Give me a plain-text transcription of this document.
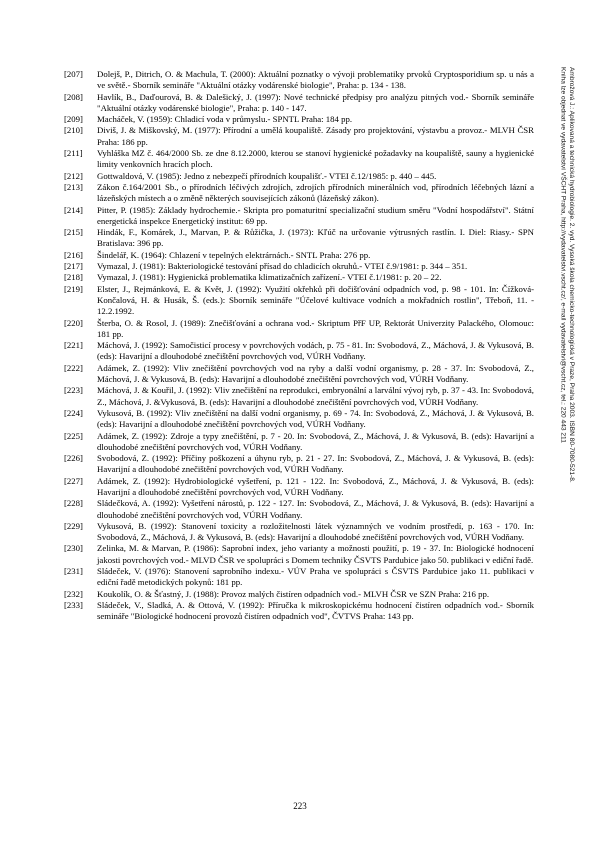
[207] Dolejš, P., Ditrich, O. & Machula, T. (2000): Aktuální poznatky o vývoji problematiky prvoků Cryptosporidium sp. u nás a ve světě.- Sborník semináře "Aktuální otázky vodárenské biologie", Praha: p. 134 - 138.
[208] Havlík, B., Daďourová, B. & Dalešický, J. (1997): Nové technické předpisy pro analýzu pitných vod.- Sborník semináře "Aktuální otázky vodárenské biologie", Praha: p. 140 - 147.
[209] Macháček, V. (1959): Chladicí voda v průmyslu.- SPNTL Praha: 184 pp.
[210] Diviš, J. & Miškovský, M. (1977): Přírodní a umělá koupaliště. Zásady pro projektování, výstavbu a provoz.- MLVH ČSR Praha: 186 pp.
[211] Vyhláška MZ č. 464/2000 Sb. ze dne 8.12.2000, kterou se stanoví hygienické požadavky na koupaliště, sauny a hygienické limity venkovních hracích ploch.
[212] Gottwaldová, V. (1985): Jedno z nebezpečí přírodních koupališť.- VTEI č.12/1985: p. 440 – 445.
[213] Zákon č.164/2001 Sb., o přírodních léčivých zdrojích, zdrojích přírodních minerálních vod, přírodních léčebných lázní a lázeňských místech a o změně některých souvisejících zákonů (lázeňský zákon).
[214] Pitter, P. (1985): Základy hydrochemie.- Skripta pro pomaturitní specializační studium směru "Vodní hospodářství". Státní energetická inspekce Energetický institut: 69 pp.
[215] Hindák, F., Komárek, J., Marvan, P. & Růžička, J. (1973): Kľúč na určovanie výtrusných rastlín. I. Diel: Riasy.- SPN Bratislava: 396 pp.
[216] Šindelář, K. (1964): Chlazení v tepelných elektrárnách.- SNTL Praha: 276 pp.
[217] Vymazal, J. (1981): Bakteriologické testování přísad do chladicích okruhů.- VTEI č.9/1981: p. 344 – 351.
[218] Vymazal, J. (1981): Hygienická problematika klimatizačních zařízení.- VTEI č.1/1981: p. 20 – 22.
[219] Elster, J., Rejmánková, E. & Květ, J. (1992): Využití okřehků při dočišťování odpadních vod, p. 98 - 101. In: Čížková-Končalová, H. & Husák, Š. (eds.): Sborník semináře "Účelové kultivace vodních a mokřadních rostlin", Třeboň, 11. - 12.2.1992.
[220] Šterba, O. & Rosol, J. (1989): Znečišťování a ochrana vod.- Skriptum PřF UP, Rektorát Univerzity Palackého, Olomouc: 181 pp.
[221] Máchová, J. (1992): Samočisticí procesy v povrchových vodách, p. 75 - 81. In: Svobodová, Z., Máchová, J. & Vykusová, B. (eds): Havarijní a dlouhodobé znečištění povrchových vod, VÚRH Vodňany.
[222] Adámek, Z. (1992): Vliv znečištění povrchových vod na ryby a další vodní organismy, p. 28 - 37. In: Svobodová, Z., Máchová, J. & Vykusová, B. (eds): Havarijní a dlouhodobé znečištění povrchových vod, VÚRH Vodňany.
[223] Máchová, J. & Kouřil, J. (1992): Vliv znečištění na reprodukci, embryonální a larvální vývoj ryb, p. 37 - 43. In: Svobodová, Z., Máchová, J. &Vykusová, B. (eds): Havarijní a dlouhodobé znečištění povrchových vod, VÚRH Vodňany.
[224] Vykusová, B. (1992): Vliv znečištění na další vodní organismy, p. 69 - 74. In: Svobodová, Z., Máchová, J. & Vykusová, B. (eds): Havarijní a dlouhodobé znečištění povrchových vod, VÚRH Vodňany.
[225] Adámek, Z. (1992): Zdroje a typy znečištění, p. 7 - 20. In: Svobodová, Z., Máchová, J. & Vykusová, B. (eds): Havarijní a dlouhodobé znečištění povrchových vod, VÚRH Vodňany.
[226] Svobodová, Z. (1992): Příčiny poškození a úhynu ryb, p. 21 - 27. In: Svobodová, Z., Máchová, J. & Vykusová, B. (eds): Havarijní a dlouhodobé znečištění povrchových vod, VÚRH Vodňany.
[227] Adámek, Z. (1992): Hydrobiologické vyšetření, p. 121 - 122. In: Svobodová, Z., Máchová, J. & Vykusová, B. (eds): Havarijní a dlouhodobé znečištění povrchových vod, VÚRH Vodňany.
[228] Sládečková, A. (1992): Vyšetření nárostů, p. 122 - 127. In: Svobodová, Z., Máchová, J. & Vykusová, B. (eds): Havarijní a dlouhodobé znečištění povrchových vod, VÚRH Vodňany.
[229] Vykusová, B. (1992): Stanovení toxicity a rozložitelnosti látek významných ve vodním prostředí, p. 163 - 170. In: Svobodová, Z., Máchová, J. & Vykusová, B. (eds): Havarijní a dlouhodobé znečištění povrchových vod, VÚRH Vodňany.
[230] Zelinka, M. & Marvan, P. (1986): Saprobní index, jeho varianty a možnosti použití, p. 19 - 37. In: Biologické hodnocení jakosti povrchových vod.- MLVD ČSR ve spolupráci s Domem techniky ČSVTS Pardubice jako 50. publikaci v ediční řadě.
[231] Sládeček, V. (1976): Stanovení saprobního indexu.- VÚV Praha ve spolupráci s ČSVTS Pardubice jako 11. publikaci v ediční řadě metodických pokynů: 181 pp.
[232] Koukolík, O. & Šťastný, J. (1988): Provoz malých čistíren odpadních vod.- MLVH ČSR ve SZN Praha: 216 pp.
[233] Sládeček, V., Sladká, A. & Ottová, V. (1992): Příručka k mikroskopickému hodnocení čistíren odpadních vod.- Sborník semináře "Biologické hodnocení provozů čistíren odpadních vod", ČVTVS Praha: 143 pp.
223
Ambrožová J.: Aplikovaná a technická hydrobiologie. 2. vyd. Vysoká škola chemicko-technologická v Praze, Praha 2003. ISBN 80-7080-521-8.
Kniha lze objednat ve vydavatelství VŠCHT Praha, http://vydavatelstvi.vscht.cz/, e-mail vydavatelstvi@vscht.cz, tel.: 220 443 211
